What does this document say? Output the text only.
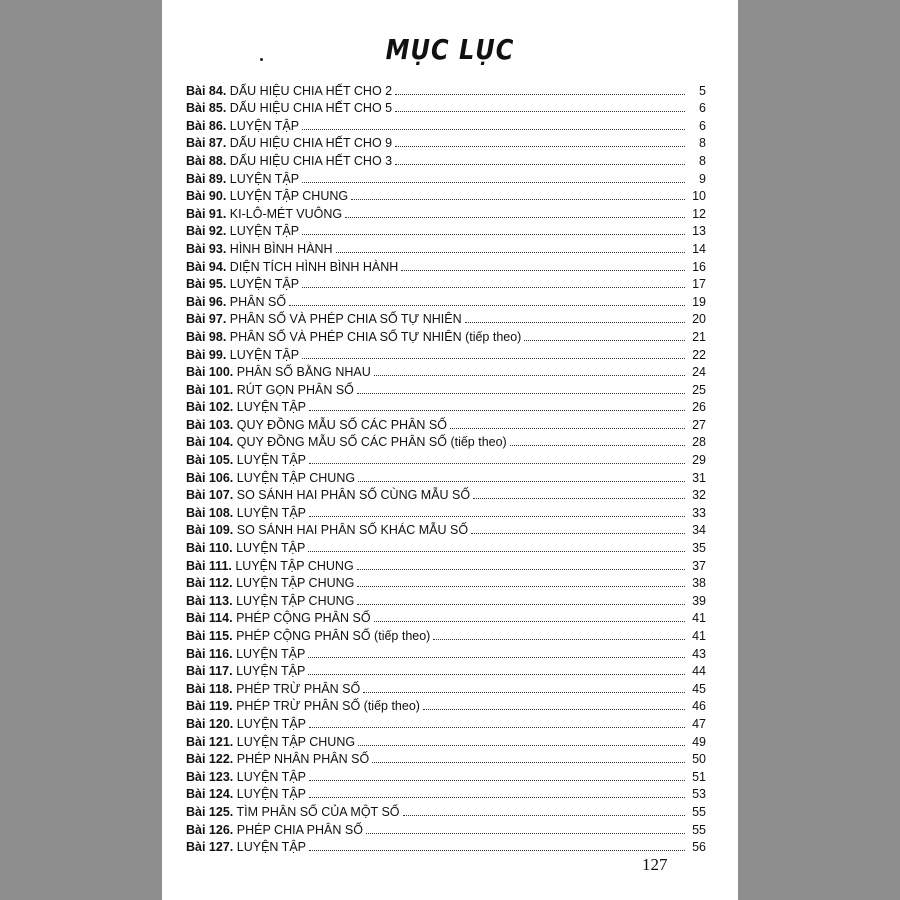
MỤC LỤC
Bài 84. DẤU HIỆU CHIA HẾT CHO 2	5
Bài 85. DẤU HIỆU CHIA HẾT CHO 5	6
Bài 86. LUYỆN TẬP	6
Bài 87. DẤU HIỆU CHIA HẾT CHO 9	8
Bài 88. DẤU HIỆU CHIA HẾT CHO 3	8
Bài 89. LUYỆN TẬP	9
Bài 90. LUYỆN TẬP CHUNG	10
Bài 91. KI-LÔ-MÉT VUÔNG	12
Bài 92. LUYỆN TẬP	13
Bài 93. HÌNH BÌNH HÀNH	14
Bài 94. DIỆN TÍCH HÌNH BÌNH HÀNH	16
Bài 95. LUYỆN TẬP	17
Bài 96. PHÂN SỐ	19
Bài 97. PHÂN SỐ VÀ PHÉP CHIA SỐ TỰ NHIÊN	20
Bài 98. PHÂN SỐ VÀ PHÉP CHIA SỐ TỰ NHIÊN (tiếp theo)	21
Bài 99. LUYỆN TẬP	22
Bài 100. PHÂN SỐ BẰNG NHAU	24
Bài 101. RÚT GỌN PHÂN SỐ	25
Bài 102. LUYỆN TẬP	26
Bài 103. QUY ĐỒNG MẪU SỐ CÁC PHÂN SỐ	27
Bài 104. QUY ĐỒNG MẪU SỐ CÁC PHÂN SỐ (tiếp theo)	28
Bài 105. LUYỆN TẬP	29
Bài 106. LUYỆN TẬP CHUNG	31
Bài 107. SO SÁNH HAI PHÂN SỐ CÙNG MẪU SỐ	32
Bài 108. LUYỆN TẬP	33
Bài 109. SO SÁNH HAI PHÂN SỐ KHÁC MẪU SỐ	34
Bài 110. LUYỆN TẬP	35
Bài 111. LUYỆN TẬP CHUNG	37
Bài 112. LUYỆN TẬP CHUNG	38
Bài 113. LUYỆN TẬP CHUNG	39
Bài 114. PHÉP CỘNG PHÂN SỐ	41
Bài 115. PHÉP CỘNG PHÂN SỐ (tiếp theo)	41
Bài 116. LUYỆN TẬP	43
Bài 117. LUYỆN TẬP	44
Bài 118. PHÉP TRỪ PHÂN SỐ	45
Bài 119. PHÉP TRỪ PHÂN SỐ (tiếp theo)	46
Bài 120. LUYỆN TẬP	47
Bài 121. LUYỆN TẬP CHUNG	49
Bài 122. PHÉP NHÂN PHÂN SỐ	50
Bài 123. LUYỆN TẬP	51
Bài 124. LUYỆN TẬP	53
Bài 125. TÌM PHÂN SỐ CỦA MỘT SỐ	55
Bài 126. PHÉP CHIA PHÂN SỐ	55
Bài 127. LUYỆN TẬP	56
127
